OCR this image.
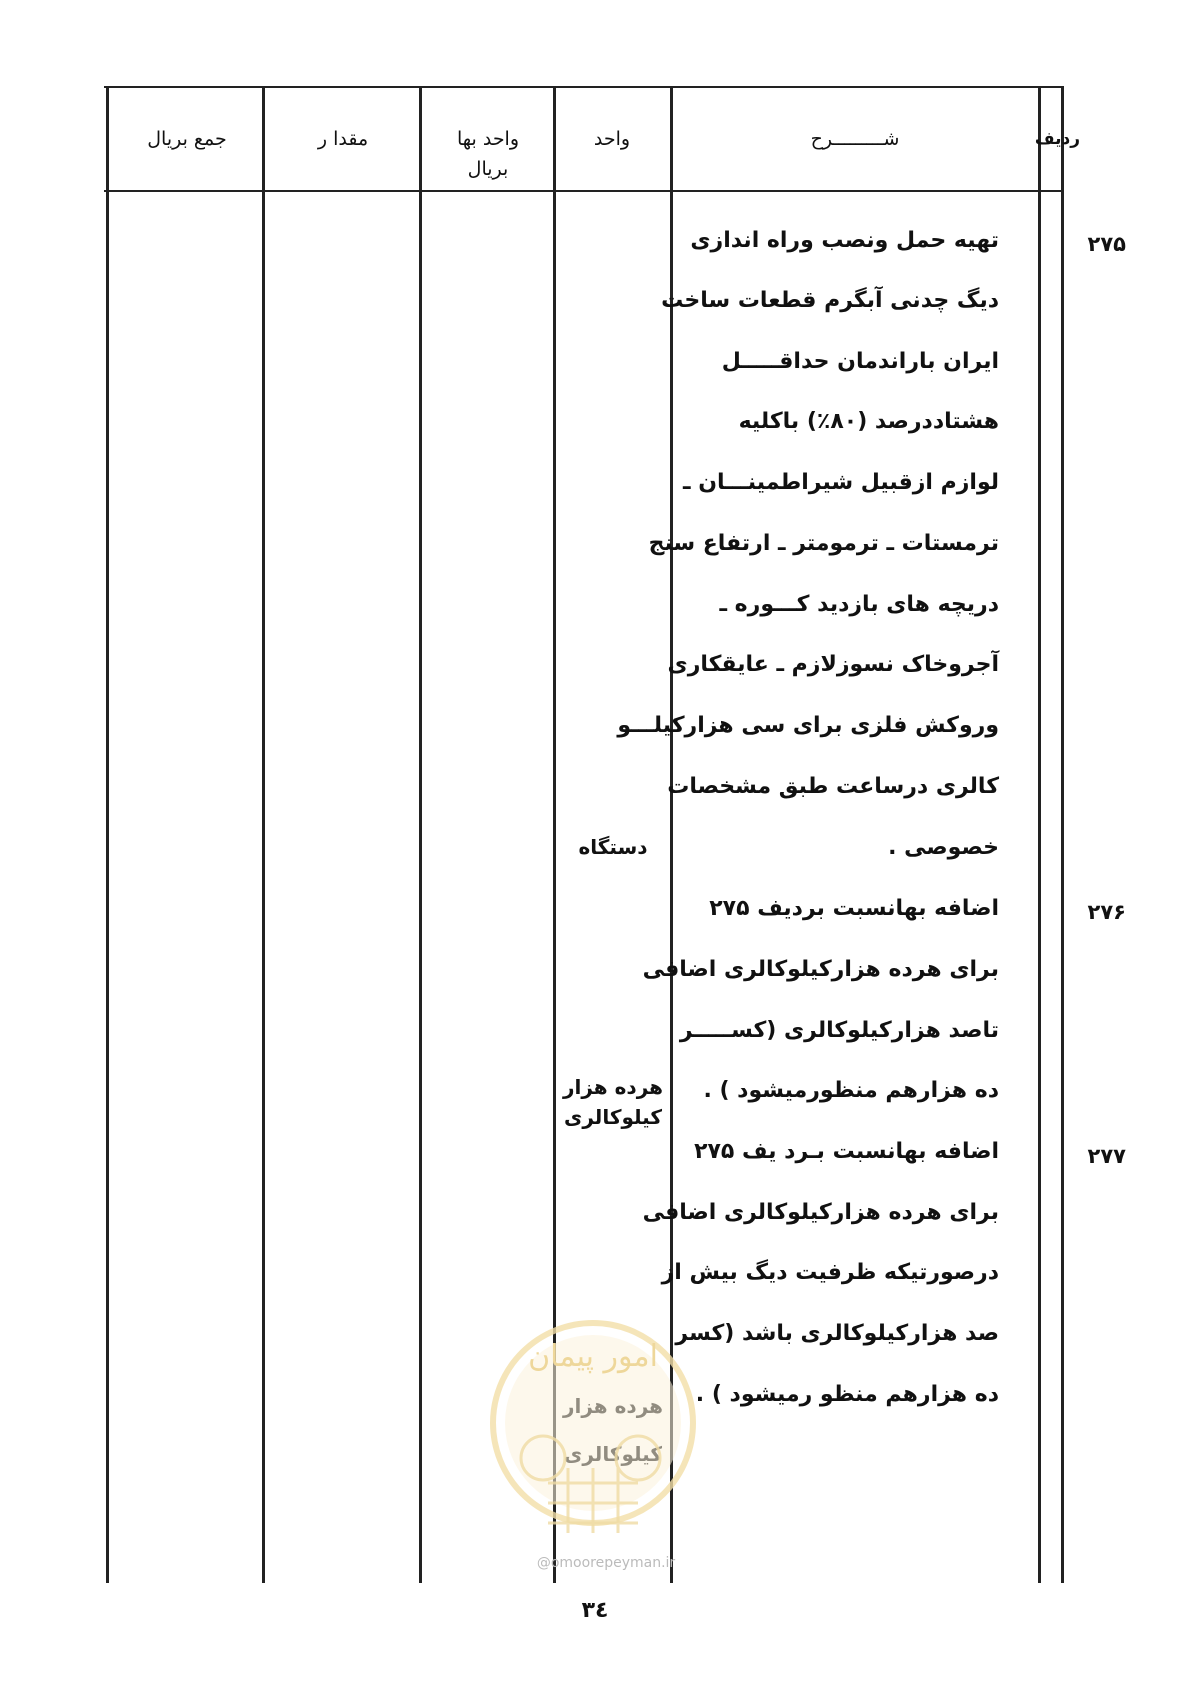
ردیف
شـــــــــرح
واحد
واحد بها
بریال
مقدا ر
جمع بریال
۲۷۵
تهیه حمل ونصب وراه اندازی
دیگ چدنی آبگرم قطعات ساخت
ایران باراندمان حداقـــــل
هشتاددرصد (۸۰٪) باکلیه
لوازم ازقبیل شیراطمینـــان ـ
ترمستات ـ ترمومتر ـ ارتفاع سنج
دریچه های بازدید کـــوره ـ
آجروخاک نسوزلازم ـ عایقکاری
وروکش فلزی برای سی هزارکیلـــو
کالری درساعت طبق مشخصات
خصوصی .
دستگاه
۲۷۶
اضافه بهانسبت بردیف ۲۷۵
برای هرده هزارکیلوکالری اضافی
تاصد هزارکیلوکالری (کســـــر
ده هزارهم منظورمیشود ) .
هرده هزار
کیلوکالری
۲۷۷
اضافه بهانسبت بـرد یف ۲۷۵
برای هرده هزارکیلوکالری اضافی
درصورتیکه ظرفیت دیگ بیش از
صد هزارکیلوکالری باشد (کسر
ده هزارهم منظو رمیشود ) .
امور پیمان
@omoorepeyman.ir
۳٤
